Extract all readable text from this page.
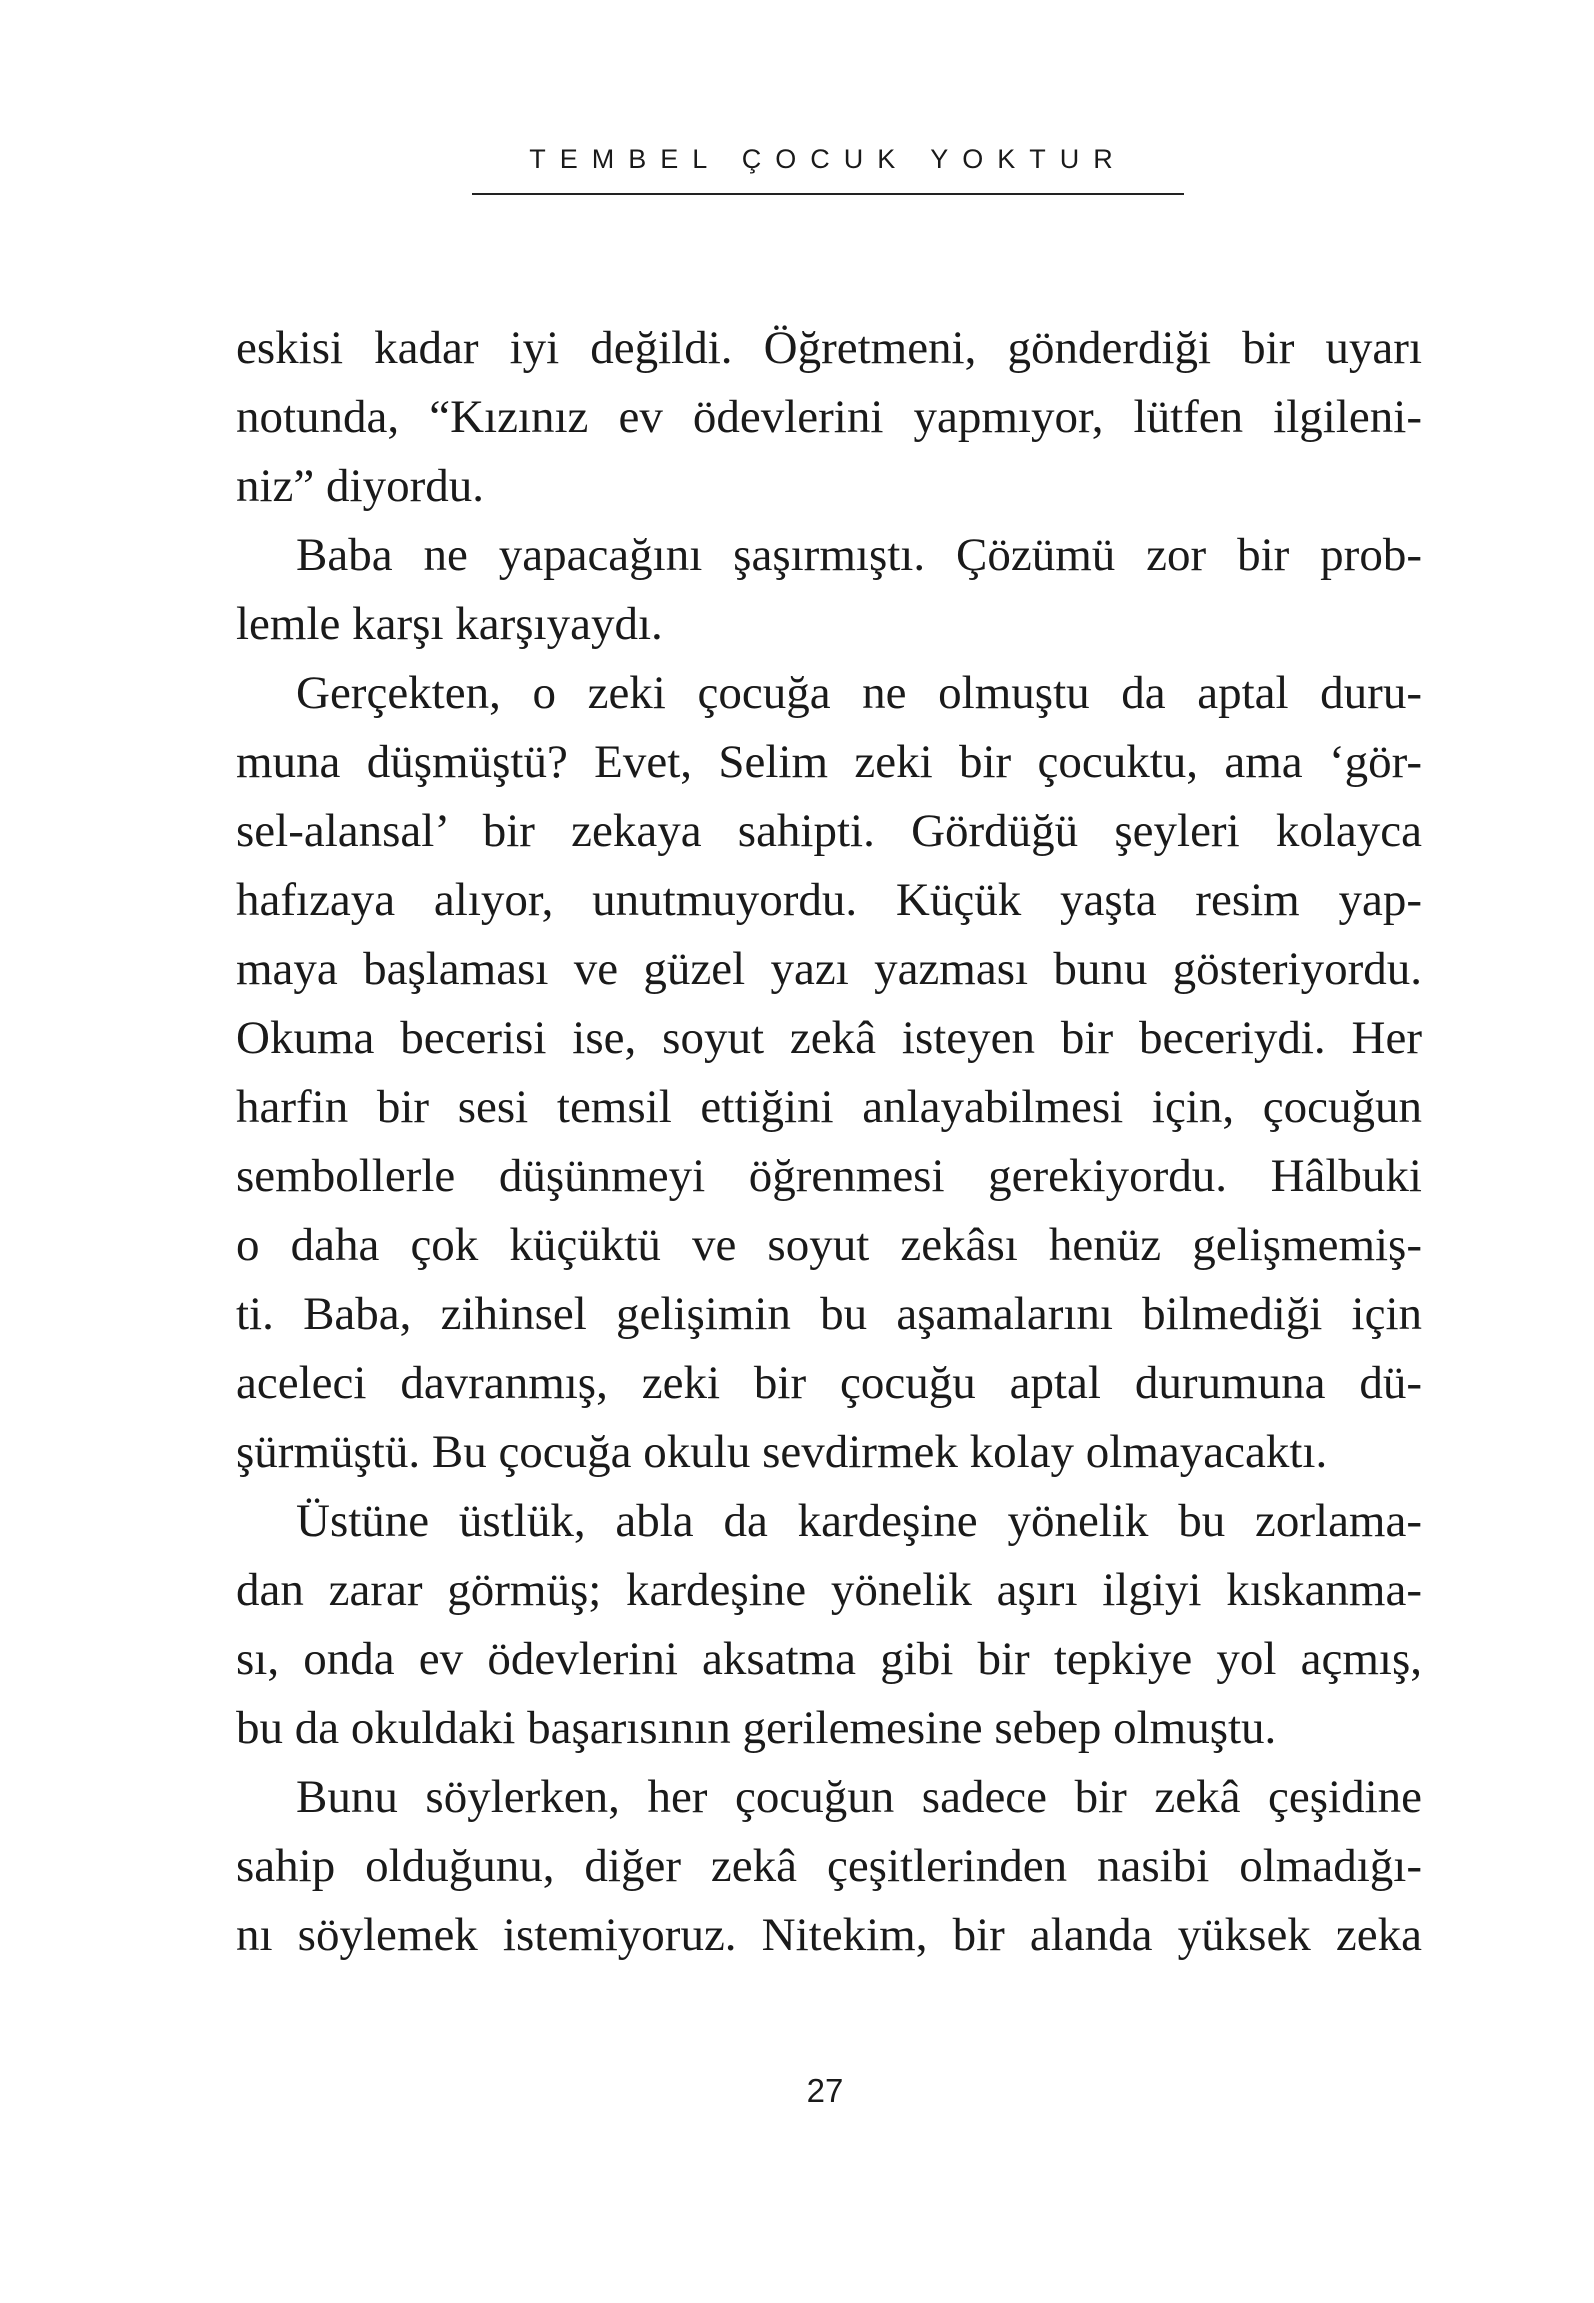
TEMBEL ÇOCUK YOKTUR

eskisi kadar iyi değildi. Öğretmeni, gönderdiği bir uyarı
notunda, “Kızınız ev ödevlerini yapmıyor, lütfen ilgileni-
niz” diyordu.

Baba ne yapacağını şaşırmıştı. Çözümü zor bir prob-
lemle karşı karşıyaydı.

Gerçekten, o zeki çocuğa ne olmuştu da aptal duru-
muna düşmüştü? Evet, Selim zeki bir çocuktu, ama ‘gör-
sel-alansal’ bir zekaya sahipti. Gördüğü şeyleri kolayca
hafızaya alıyor, unutmuyordu. Küçük yaşta resim yap-
maya başlaması ve güzel yazı yazması bunu gösteriyordu.
Okuma becerisi ise, soyut zekâ isteyen bir beceriydi. Her
harfin bir sesi temsil ettiğini anlayabilmesi için, çocuğun
sembollerle düşünmeyi öğrenmesi gerekiyordu. Hâlbuki
o daha çok küçüktü ve soyut zekâsı henüz gelişmemiş-
ti. Baba, zihinsel gelişimin bu aşamalarını bilmediği için
aceleci davranmış, zeki bir çocuğu aptal durumuna dü-
şürmüştü. Bu çocuğa okulu sevdirmek kolay olmayacaktı.

Üstüne üstlük, abla da kardeşine yönelik bu zorlama-
dan zarar görmüş; kardeşine yönelik aşırı ilgiyi kıskanma-
sı, onda ev ödevlerini aksatma gibi bir tepkiye yol açmış,
bu da okuldaki başarısının gerilemesine sebep olmuştu.

Bunu söylerken, her çocuğun sadece bir zekâ çeşidine
sahip olduğunu, diğer zekâ çeşitlerinden nasibi olmadığı-
nı söylemek istemiyoruz. Nitekim, bir alanda yüksek zeka

27
